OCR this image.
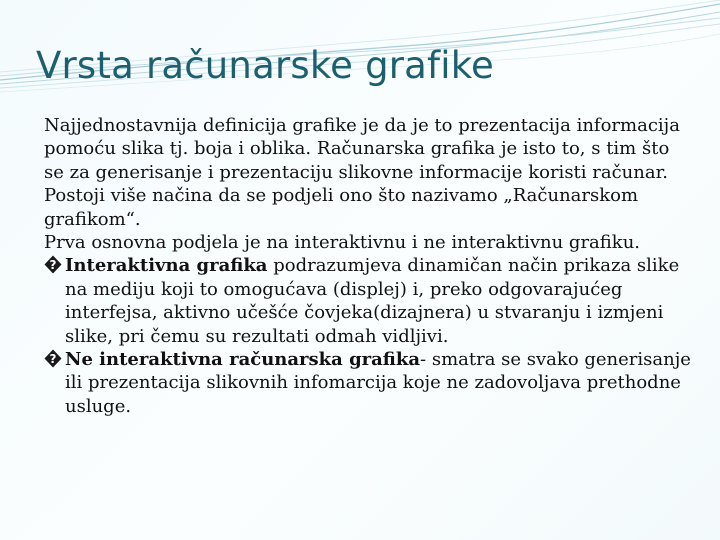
Vrsta računarske grafike

Najjednostavnija definicija grafike je da je to prezentacija informacija pomoću slika tj. boja i oblika. Računarska grafika je isto to, s tim što se za generisanje i prezentaciju slikovne informacije koristi računar. Postoji više načina da se podjeli ono što nazivamo „Računarskom grafikom“.

Prva osnovna podjela je na interaktivnu i ne interaktivnu grafiku.

? Interaktivna grafika podrazumjeva dinamičan način prikaza slike na mediju koji to omogućava (displej) i, preko odgovarajućeg interfejsa, aktivno učešće čovjeka(dizajnera) u stvaranju i izmjeni slike, pri čemu su rezultati odmah vidljivi.

? Ne interaktivna računarska grafika- smatra se svako generisanje ili prezentacija slikovnih infomarcija koje ne zadovoljava prethodne usluge.
